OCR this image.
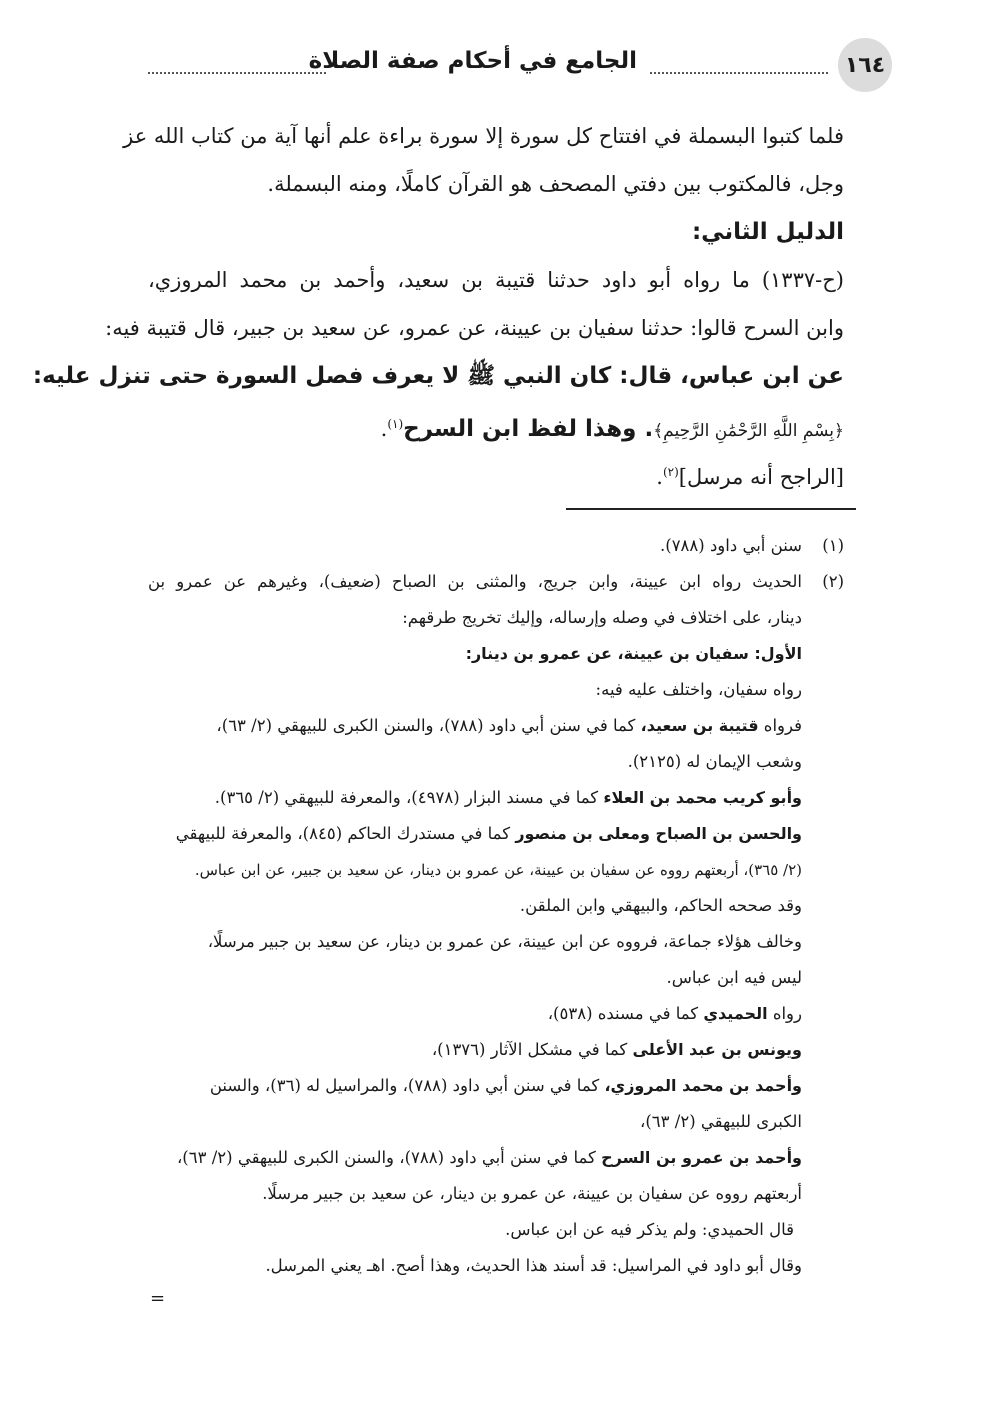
١٦٤
الجامع في أحكام صفة الصلاة
فلما كتبوا البسملة في افتتاح كل سورة إلا سورة براءة علم أنها آية من كتاب الله عز
وجل، فالمكتوب بين دفتي المصحف هو القرآن كاملًا، ومنه البسملة.
الدليل الثاني:
(ح-١٣٣٧) ما رواه أبو داود حدثنا قتيبة بن سعيد، وأحمد بن محمد المروزي،
وابن السرح قالوا: حدثنا سفيان بن عيينة، عن عمرو، عن سعيد بن جبير، قال قتيبة فيه:
عن ابن عباس، قال: كان النبي ﷺ لا يعرف فصل السورة حتى تنزل عليه:
﴿بِسْمِ اللَّهِ الرَّحْمَٰنِ الرَّحِيمِ﴾. وهذا لفظ ابن السرح$^{(١)}$.
[الراجح أنه مرسل]$^{(٢)}$.
(١)
سنن أبي داود (٧٨٨).
(٢)
الحديث رواه ابن عيينة، وابن جريج، والمثنى بن الصباح (ضعيف)، وغيرهم عن عمرو بن
دينار، على اختلاف في وصله وإرساله، وإليك تخريج طرقهم:
الأول: سفيان بن عيينة، عن عمرو بن دينار:
رواه سفيان، واختلف عليه فيه:
فرواه قتيبة بن سعيد، كما في سنن أبي داود (٧٨٨)، والسنن الكبرى للبيهقي (٢/ ٦٣)،
وشعب الإيمان له (٢١٢٥).
وأبو كريب محمد بن العلاء كما في مسند البزار (٤٩٧٨)، والمعرفة للبيهقي (٢/ ٣٦٥).
والحسن بن الصباح ومعلى بن منصور كما في مستدرك الحاكم (٨٤٥)، والمعرفة للبيهقي
(٢/ ٣٦٥)، أربعتهم رووه عن سفيان بن عيينة، عن عمرو بن دينار، عن سعيد بن جبير، عن ابن عباس.
وقد صححه الحاكم، والبيهقي وابن الملقن.
وخالف هؤلاء جماعة، فرووه عن ابن عيينة، عن عمرو بن دينار، عن سعيد بن جبير مرسلًا،
ليس فيه ابن عباس.
رواه الحميدي كما في مسنده (٥٣٨)،
ويونس بن عبد الأعلى كما في مشكل الآثار (١٣٧٦)،
وأحمد بن محمد المروزي، كما في سنن أبي داود (٧٨٨)، والمراسيل له (٣٦)، والسنن
الكبرى للبيهقي (٢/ ٦٣)،
وأحمد بن عمرو بن السرح كما في سنن أبي داود (٧٨٨)، والسنن الكبرى للبيهقي (٢/ ٦٣)،
أربعتهم رووه عن سفيان بن عيينة، عن عمرو بن دينار، عن سعيد بن جبير مرسلًا.
قال الحميدي: ولم يذكر فيه عن ابن عباس.
وقال أبو داود في المراسيل: قد أسند هذا الحديث، وهذا أصح. اهـ يعني المرسل.
=
